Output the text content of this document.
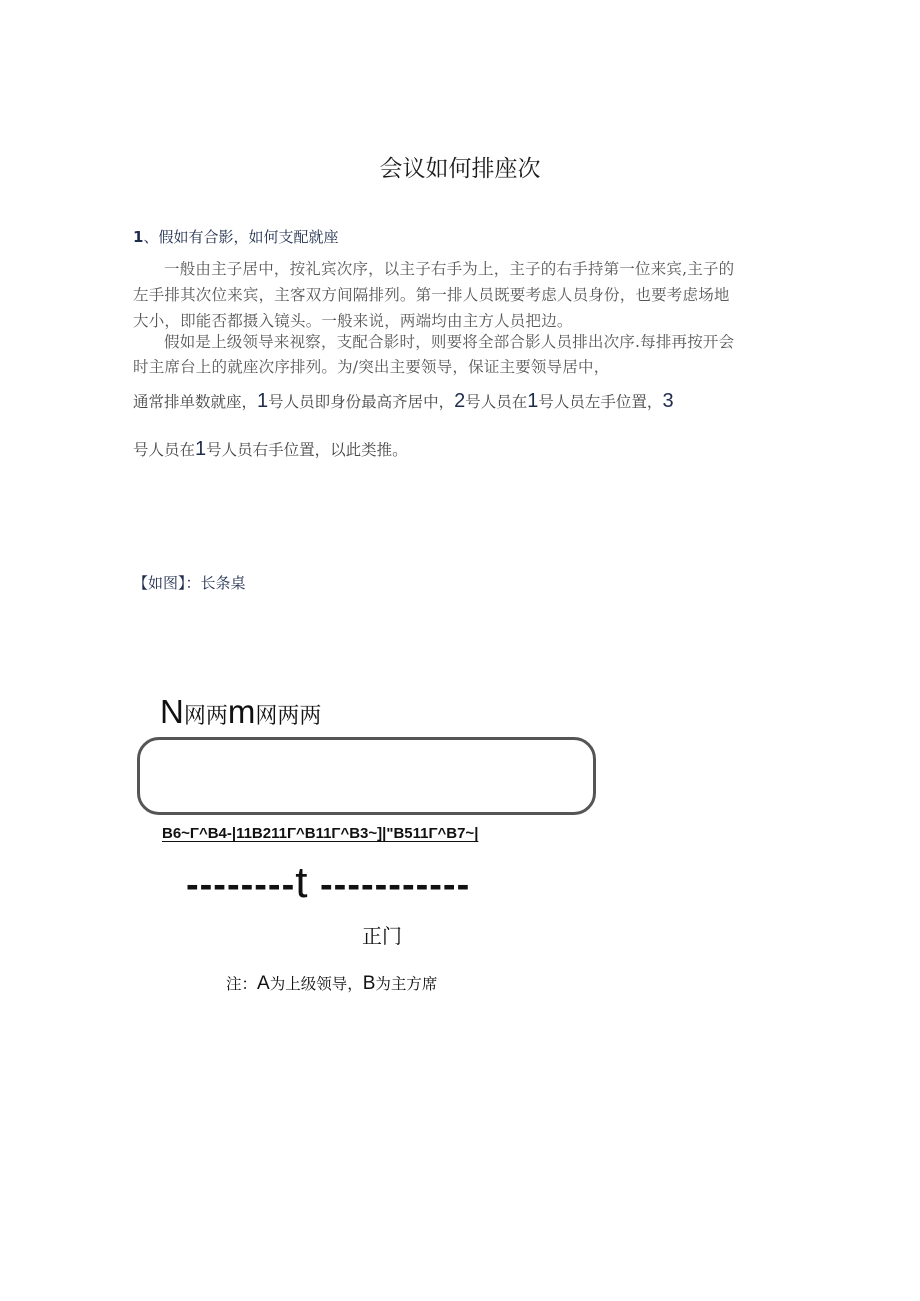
会议如何排座次
1、假如有合影，如何支配就座
一般由主子居中，按礼宾次序，以主子右手为上，主子的右手持第一位来宾,主子的
左手排其次位来宾，主客双方间隔排列。第一排人员既要考虑人员身份，也要考虑场地
大小，即能否都摄入镜头。一般来说，两端均由主方人员把边。
假如是上级领导来视察，支配合影时，则要将全部合影人员排出次序.每排再按开会
时主席台上的就座次序排列。为/突出主要领导，保证主要领导居中，
通常排单数就座，1号人员即身份最高齐居中，2号人员在1号人员左手位置，3
号人员在1号人员右手位置，以此类推。
【如图】：长条桌
N网两m网两两
B6~Γ^B4-|11B211Γ^B11Γ^B3~]|"B511Γ^B7~|
--------t -----------
正门
注：A为上级领导，B为主方席
